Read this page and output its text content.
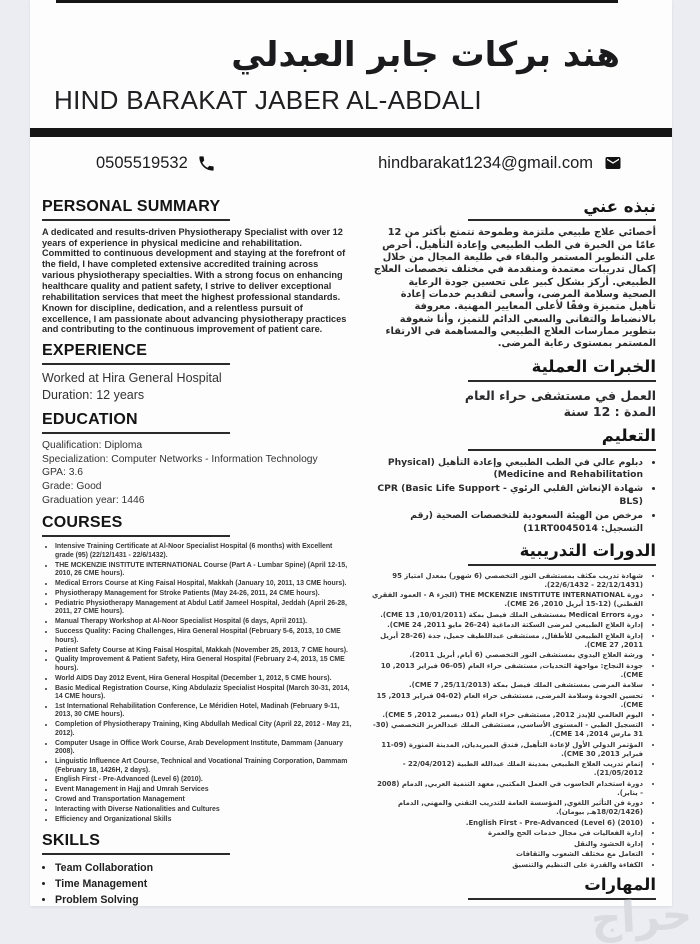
هند بركات جابر العبدلي
HIND BARAKAT JABER AL-ABDALI
0505519532	hindbarakat1234@gmail.com
PERSONAL SUMMARY

A dedicated and results-driven Physiotherapy Specialist with over 12 years of experience in physical medicine and rehabilitation. Committed to continuous development and staying at the forefront of the field, I have completed extensive accredited training across various physiotherapy specialties. With a strong focus on enhancing healthcare quality and patient safety, I strive to deliver exceptional rehabilitation services that meet the highest professional standards. Known for discipline, dedication, and a relentless pursuit of excellence, I am passionate about advancing physiotherapy practices and contributing to the continuous improvement of patient care.

EXPERIENCE
Worked at Hira General Hospital
Duration: 12 years
EDUCATION
Qualification: Diploma
Specialization: Computer Networks - Information Technology
GPA: 3.6
Grade: Good
Graduation year: 1446
COURSES
• Intensive Training Certificate at Al-Noor Specialist Hospital (6 months) with Excellent grade (95) (22/12/1431 - 22/6/1432).
• THE MCKENZIE INSTITUTE INTERNATIONAL Course (Part A - Lumbar Spine) (April 12-15, 2010, 26 CME hours).
• Medical Errors Course at King Faisal Hospital, Makkah (January 10, 2011, 13 CME hours).
• Physiotherapy Management for Stroke Patients (May 24-26, 2011, 24 CME hours).
• Pediatric Physiotherapy Management at Abdul Latif Jameel Hospital, Jeddah (April 26-28, 2011, 27 CME hours).
• Manual Therapy Workshop at Al-Noor Specialist Hospital (6 days, April 2011).
• Success Quality: Facing Challenges, Hira General Hospital (February 5-6, 2013, 10 CME hours).
• Patient Safety Course at King Faisal Hospital, Makkah (November 25, 2013, 7 CME hours).
• Quality Improvement & Patient Safety, Hira General Hospital (February 2-4, 2013, 15 CME hours).
• World AIDS Day 2012 Event, Hira General Hospital (December 1, 2012, 5 CME hours).
• Basic Medical Registration Course, King Abdulaziz Specialist Hospital (March 30-31, 2014, 14 CME hours).
• 1st International Rehabilitation Conference, Le Méridien Hotel, Madinah (February 9-11, 2013, 30 CME hours).
• Completion of Physiotherapy Training, King Abdullah Medical City (April 22, 2012 - May 21, 2012).
• Computer Usage in Office Work Course, Arab Development Institute, Dammam (January 2008).
• Linguistic Influence Art Course, Technical and Vocational Training Corporation, Dammam (February 18, 1426H, 2 days).
• English First - Pre-Advanced (Level 6) (2010).
• Event Management in Hajj and Umrah Services
• Crowd and Transportation Management
• Interacting with Diverse Nationalities and Cultures
• Efficiency and Organizational Skills
SKILLS
• Team Collaboration
• Time Management
• Problem Solving
نبذه عني

أخصائي علاج طبيعي ملتزمة وطموحة تتمتع بأكثر من 12 عامًا من الخبرة في الطب الطبيعي وإعادة التأهيل. أحرص على التطوير المستمر والبقاء في طليعة المجال من خلال إكمال تدريبات معتمدة ومتقدمة في مختلف تخصصات العلاج الطبيعي. أركز بشكل كبير على تحسين جودة الرعاية الصحية وسلامة المرضى، وأسعى لتقديم خدمات إعادة تأهيل متميزة وفقًا لأعلى المعايير المهنية. معروفة بالانضباط والتفاني والسعي الدائم للتميز، وأنا شغوفة بتطوير ممارسات العلاج الطبيعي والمساهمة في الارتقاء المستمر بمستوى رعاية المرضى.

الخبرات العملية
العمل في مستشفى حراء العام
المدة : 12 سنة
التعليم
• دبلوم عالي في الطب الطبيعي وإعادة التأهيل (Physical Medicine and Rehabilitation)
• شهادة الإنعاش القلبي الرئوي CPR (Basic Life Support - BLS)
• مرخص من الهيئة السعودية للتخصصات الصحية (رقم التسجيل: 11RT0045014)
الدورات التدريبية
• شهادة تدريب مكثف بمستشفى النور التخصصي (6 شهور) بمعدل امتياز 95 (22/12/1431 - 22/6/1432).
• دورة THE MCKENZIE INSTITUTE INTERNATIONAL (الجزء A - العمود الفقري القطني) (12-15 أبريل 2010, 26 CME).
• دورة Medical Errors بمستشفى الملك فيصل بمكة (10/01/2011, 13 CME).
• إدارة العلاج الطبيعي لمرضى السكتة الدماغية (24-26 مايو 2011, 24 CME).
• إدارة العلاج الطبيعي للأطفال, مستشفى عبداللطيف جميل, جدة (26-28 أبريل 2011, 27 CME).
• ورشة العلاج اليدوي بمستشفى النور التخصصي (6 أيام, أبريل 2011).
• جودة النجاح: مواجهة التحديات, مستشفى حراء العام (05-06 فبراير 2013, 10 CME).
• سلامة المرضى بمستشفى الملك فيصل بمكة (25/11/2013, 7 CME).
• تحسين الجودة وسلامة المرضى, مستشفى حراء العام (02-04 فبراير 2013, 15 CME).
• اليوم العالمي للإيدز 2012, مستشفى حراء العام (01 ديسمبر 2012, 5 CME).
• التسجيل الطبي - المستوى الأساسي, مستشفى الملك عبدالعزيز التخصصي (30-31 مارس 2014, 14 CME).
• المؤتمر الدولي الأول لإعادة التأهيل, فندق الميريديان, المدينة المنورة (09-11 فبراير 2013, 30 CME).
• إتمام تدريب العلاج الطبيعي بمدينة الملك عبدالله الطبية (22/04/2012 - 21/05/2012).
• دورة استخدام الحاسوب في العمل المكتبي, معهد التنمية العربي, الدمام (2008 - يناير).
• دورة فن التأثير اللغوي, المؤسسة العامة للتدريب التقني والمهني, الدمام (18/02/1426هـ, بيومان).
• English First - Pre-Advanced (Level 6) (2010).
• إدارة الفعاليات في مجال خدمات الحج والعمرة
• إدارة الحشود والنقل
• التعامل مع مختلف الشعوب والثقافات
• الكفاءة والقدرة على التنظيم والتنسيق
المهارات
حراج
